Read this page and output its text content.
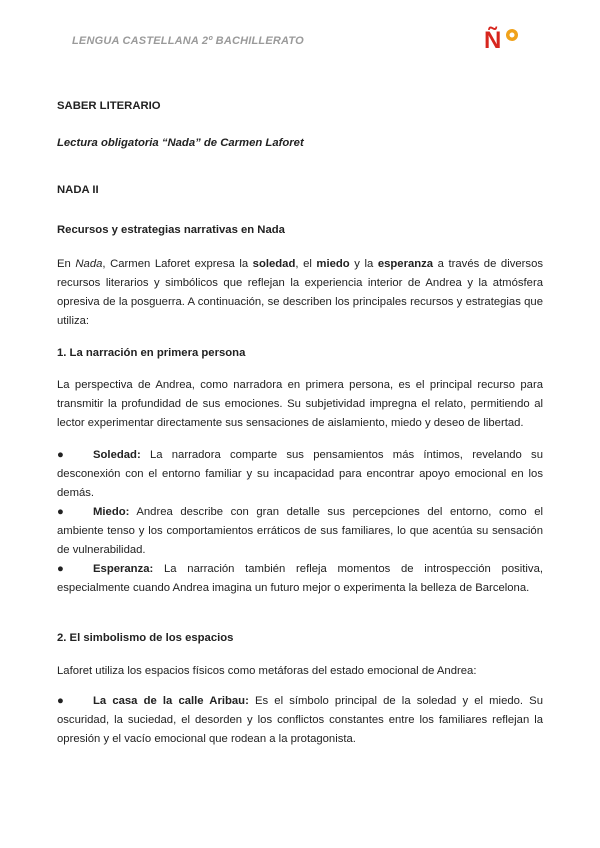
LENGUA CASTELLANA 2º BACHILLERATO	Ñ
SABER LITERARIO
Lectura obligatoria “Nada” de Carmen Laforet
NADA II
Recursos y estrategias narrativas en Nada
En Nada, Carmen Laforet expresa la soledad, el miedo y la esperanza a través de diversos recursos literarios y simbólicos que reflejan la experiencia interior de Andrea y la atmósfera opresiva de la posguerra. A continuación, se describen los principales recursos y estrategias que utiliza:
1. La narración en primera persona
La perspectiva de Andrea, como narradora en primera persona, es el principal recurso para transmitir la profundidad de sus emociones. Su subjetividad impregna el relato, permitiendo al lector experimentar directamente sus sensaciones de aislamiento, miedo y deseo de libertad.
●	Soledad: La narradora comparte sus pensamientos más íntimos, revelando su desconexión con el entorno familiar y su incapacidad para encontrar apoyo emocional en los demás.
●	Miedo: Andrea describe con gran detalle sus percepciones del entorno, como el ambiente tenso y los comportamientos erráticos de sus familiares, lo que acentúa su sensación de vulnerabilidad.
●	Esperanza: La narración también refleja momentos de introspección positiva, especialmente cuando Andrea imagina un futuro mejor o experimenta la belleza de Barcelona.
2. El simbolismo de los espacios
Laforet utiliza los espacios físicos como metáforas del estado emocional de Andrea:
●	La casa de la calle Aribau: Es el símbolo principal de la soledad y el miedo. Su oscuridad, la suciedad, el desorden y los conflictos constantes entre los familiares reflejan la opresión y el vacío emocional que rodean a la protagonista.
